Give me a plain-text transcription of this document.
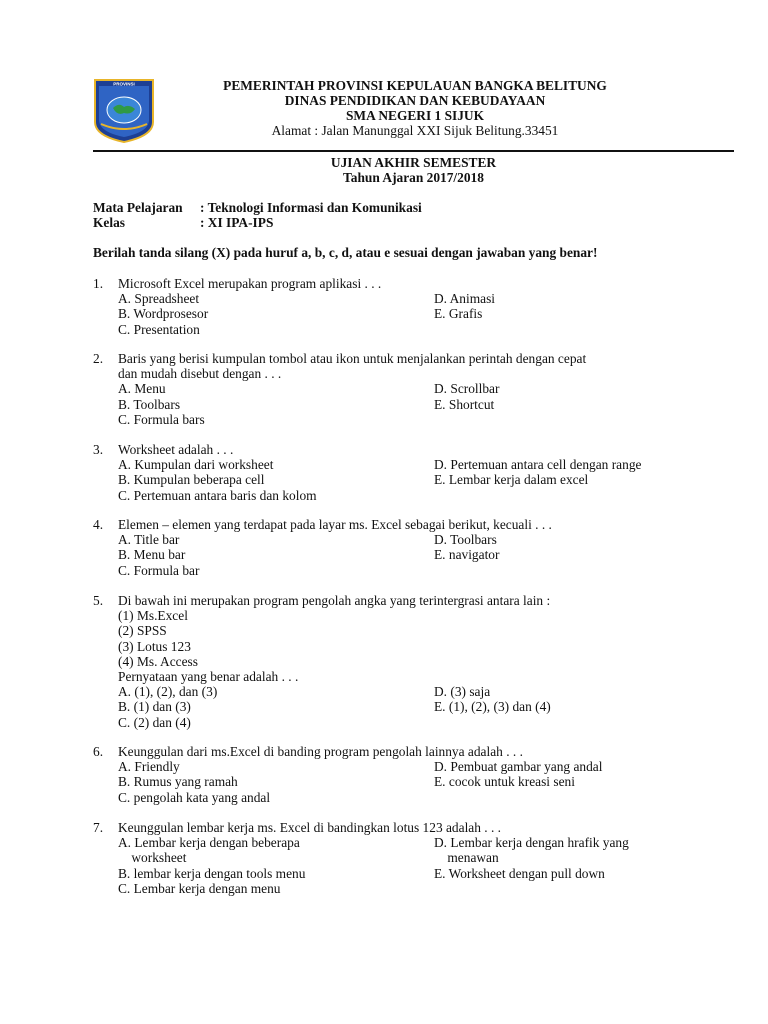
PROVINSI	PEMERINTAH PROVINSI KEPULAUAN BANGKA BELITUNG
DINAS PENDIDIKAN DAN KEBUDAYAAN
SMA NEGERI 1 SIJUK
Alamat : Jalan Manunggal XXI Sijuk Belitung.33451
UJIAN AKHIR SEMESTER
Tahun Ajaran 2017/2018
Mata Pelajaran	: Teknologi Informasi dan Komunikasi
Kelas	: XI IPA-IPS
Berilah tanda silang (X) pada huruf a, b, c, d, atau e sesuai dengan jawaban yang benar!
1. Microsoft Excel merupakan program aplikasi . . .
A. Spreadsheet	D. Animasi
B. Wordprosesor	E. Grafis
C. Presentation
2. Baris yang berisi kumpulan tombol atau ikon untuk menjalankan perintah dengan cepat
dan mudah disebut dengan . . .
A. Menu	D. Scrollbar
B. Toolbars	E. Shortcut
C. Formula bars
3. Worksheet adalah . . .
A. Kumpulan dari worksheet	D. Pertemuan antara cell dengan range
B. Kumpulan beberapa cell	E. Lembar kerja dalam excel
C. Pertemuan antara baris dan kolom
4. Elemen – elemen yang terdapat pada layar ms. Excel sebagai berikut, kecuali . . .
A. Title bar	D. Toolbars
B. Menu bar	E. navigator
C. Formula bar
5. Di bawah ini merupakan program pengolah angka yang terintergrasi antara lain :
(1) Ms.Excel
(2) SPSS
(3) Lotus 123
(4) Ms. Access
Pernyataan yang benar adalah . . .
A. (1), (2), dan (3)	D. (3) saja
B. (1) dan (3)	E. (1), (2), (3) dan (4)
C. (2) dan (4)
6. Keunggulan dari ms.Excel di banding program pengolah lainnya adalah . . .
A. Friendly	D. Pembuat gambar yang andal
B. Rumus yang ramah	E. cocok untuk kreasi seni
C. pengolah kata yang andal
7. Keunggulan lembar kerja ms. Excel di bandingkan lotus 123 adalah . . .
A. Lembar kerja dengan beberapa	D. Lembar kerja dengan hrafik yang
worksheet	menawan
B. lembar kerja dengan tools menu	E. Worksheet dengan pull down
C. Lembar kerja dengan menu
